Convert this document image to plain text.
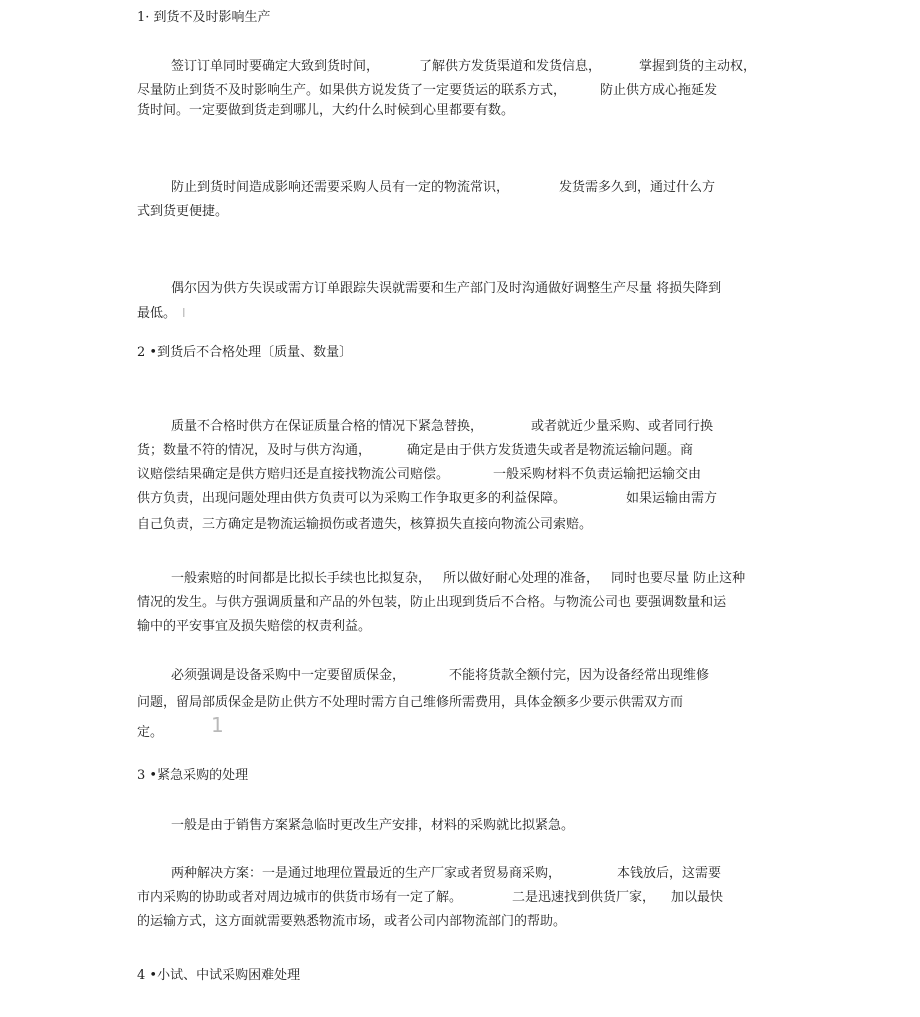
1· 到货不及时影响生产
签订订单同时要确定大致到货时间，	了解供方发货渠道和发货信息，	掌握到货的主动权，
尽量防止到货不及时影响生产。如果供方说发货了一定要货运的联系方式，	防止供方成心拖延发
货时间。一定要做到货走到哪儿，大约什么时候到心里都要有数。
防止到货时间造成影响还需要采购人员有一定的物流常识，	发货需多久到，通过什么方
式到货更便捷。
偶尔因为供方失误或需方订单跟踪失误就需要和生产部门及时沟通做好调整生产尽量 将损失降到
最低。 I
2 •到货后不合格处理〔质量、数量〕
质量不合格时供方在保证质量合格的情况下紧急替换，	或者就近少量采购、或者同行换
货；数量不符的情况，及时与供方沟通，	确定是由于供方发货遗失或者是物流运输问题。商
议赔偿结果确定是供方赔归还是直接找物流公司赔偿。	一般采购材料不负责运输把运输交由
供方负责，出现问题处理由供方负责可以为采购工作争取更多的利益保障。	如果运输由需方
自己负责，三方确定是物流运输损伤或者遗失，核算损失直接向物流公司索赔。
一般索赔的时间都是比拟长手续也比拟复杂， 所以做好耐心处理的准备， 同时也要尽量 防止这种
情况的发生。与供方强调质量和产品的外包装，防止出现到货后不合格。与物流公司也 要强调数量和运
输中的平安事宜及损失赔偿的权责利益。
必须强调是设备采购中一定要留质保金，	不能将货款全额付完，因为设备经常出现维修
问题，留局部质保金是防止供方不处理时需方自己维修所需费用，具体金额多少要示供需双方而
定。 1
3 •紧急采购的处理
一般是由于销售方案紧急临时更改生产安排，材料的采购就比拟紧急。
两种解决方案：一是通过地理位置最近的生产厂家或者贸易商采购，	本钱放后，这需要
市内采购的协助或者对周边城市的供货市场有一定了解。	二是迅速找到供货厂家， 加以最快
的运输方式，这方面就需要熟悉物流市场，或者公司内部物流部门的帮助。
4 •小试、中试采购困难处理
